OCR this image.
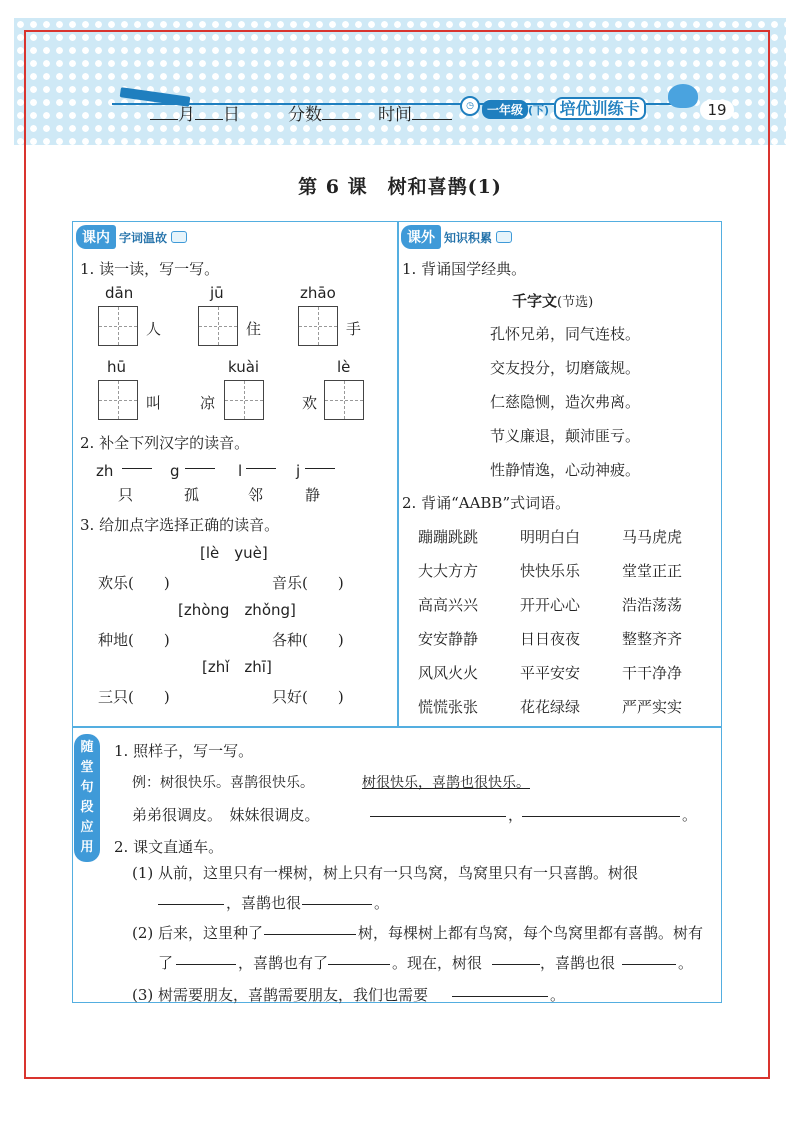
月 日	分数	时间	◷	一年级 (下) 培优训练卡	19
第 6 课　树和喜鹊(1)
课内 字词温故
1. 读一读，写一写。
dān
人
jū
住
zhāo
手
hū
叫
kuài
凉
lè
欢
2. 补全下列汉字的读音。
zh
只
g
孤
l
邻
j
静
3. 给加点字选择正确的读音。
[lè　yuè]
欢乐(　　)	音乐(　　)
[zhòng　zhǒng]
种地(　　)	各种(　　)
[zhǐ　zhī]
三只(　　)	只好(　　)
课外 知识积累
1. 背诵国学经典。
千字文(节选)
孔怀兄弟，同气连枝。
交友投分，切磨箴规。
仁慈隐恻，造次弗离。
节义廉退，颠沛匪亏。
性静情逸，心动神疲。
2. 背诵“AABB”式词语。
蹦蹦跳跳	明明白白	马马虎虎
大大方方	快快乐乐	堂堂正正
高高兴兴	开开心心	浩浩荡荡
安安静静	日日夜夜	整整齐齐
风风火火	平平安安	干干净净
慌慌张张	花花绿绿	严严实实
随
堂
句
段
应
用
1. 照样子，写一写。
例：树很快乐。喜鹊很快乐。	树很快乐，喜鹊也很快乐。
弟弟很调皮。　妹妹很调皮。	，	。
2. 课文直通车。
(1) 从前，这里只有一棵树，树上只有一只鸟窝，鸟窝里只有一只喜鹊。树很
，喜鹊也很	。
(2) 后来，这里种了	树，每棵树上都有鸟窝，每个鸟窝里都有喜鹊。树有
了	，喜鹊也有了	。现在，树很	，喜鹊也很	。
(3) 树需要朋友，喜鹊需要朋友，我们也需要	。
